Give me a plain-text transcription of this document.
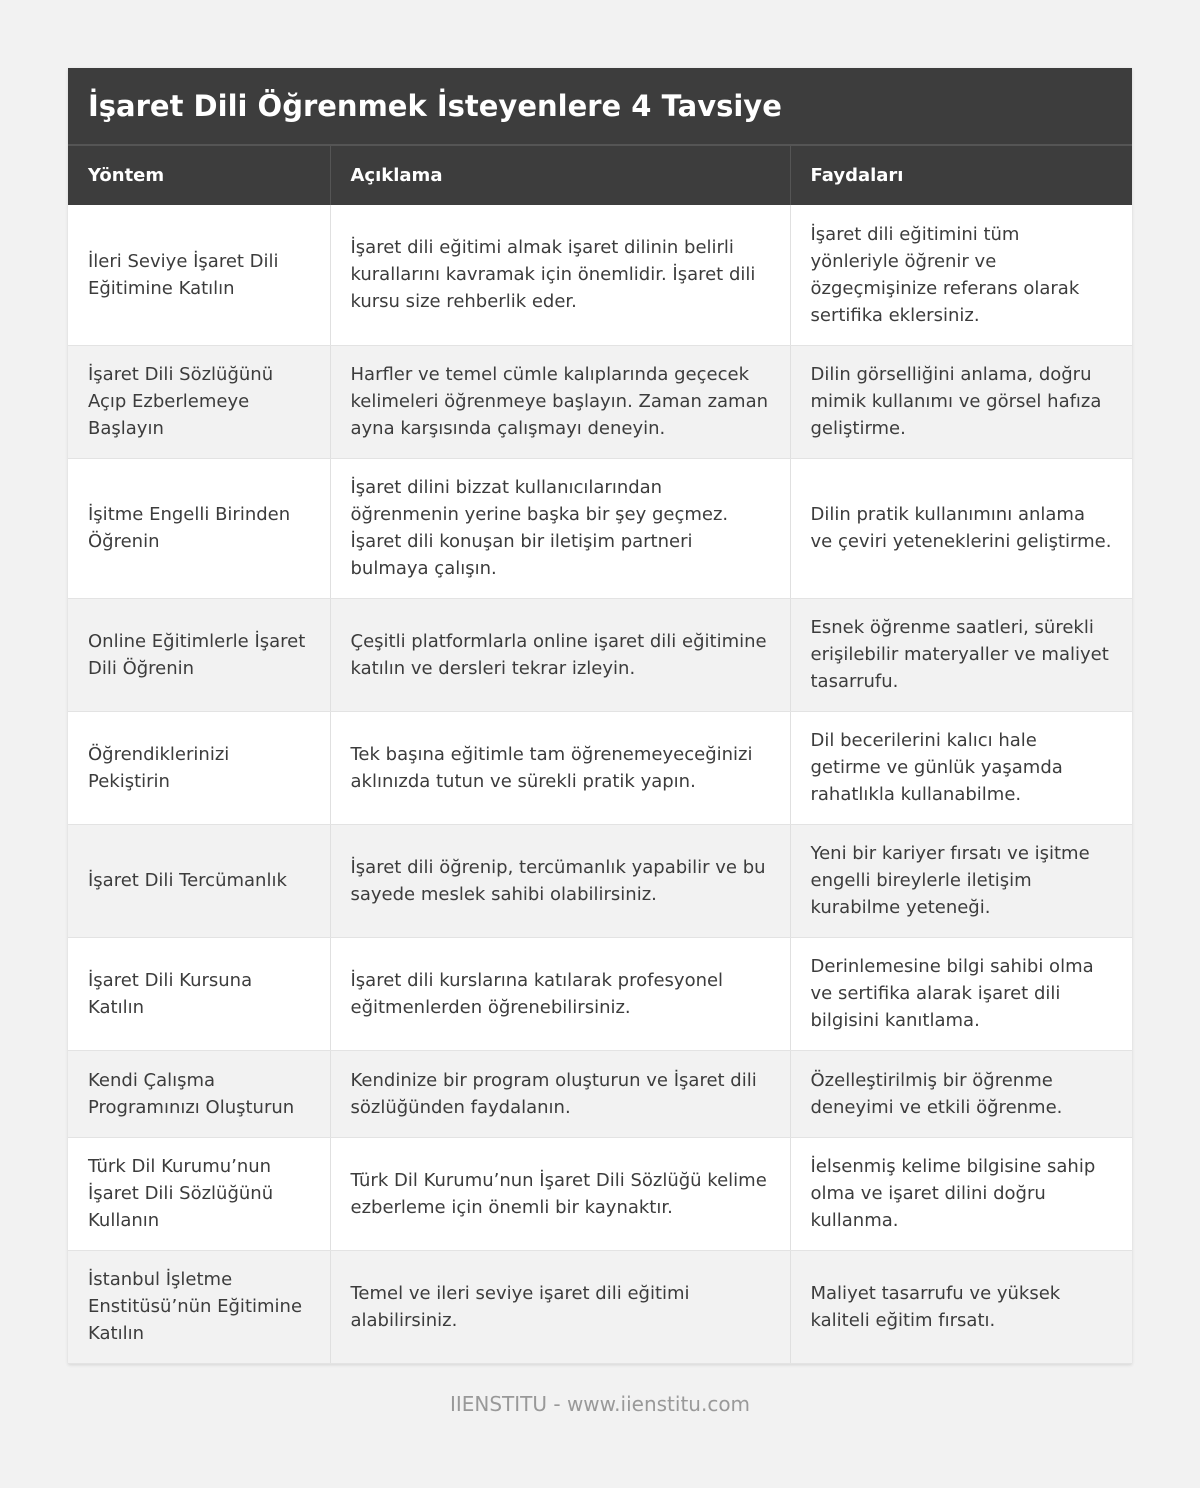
İşaret Dili Öğrenmek İsteyenlere 4 Tavsiye
Yöntem	Açıklama	Faydaları
İleri Seviye İşaret Dili Eğitimine Katılın	İşaret dili eğitimi almak işaret dilinin belirli kurallarını kavramak için önemlidir. İşaret dili kursu size rehberlik eder.	İşaret dili eğitimini tüm yönleriyle öğrenir ve özgeçmişinize referans olarak sertifika eklersiniz.
İşaret Dili Sözlüğünü Açıp Ezberlemeye Başlayın	Harfler ve temel cümle kalıplarında geçecek kelimeleri öğrenmeye başlayın. Zaman zaman ayna karşısında çalışmayı deneyin.	Dilin görselliğini anlama, doğru mimik kullanımı ve görsel hafıza geliştirme.
İşitme Engelli Birinden Öğrenin	İşaret dilini bizzat kullanıcılarından öğrenmenin yerine başka bir şey geçmez. İşaret dili konuşan bir iletişim partneri bulmaya çalışın.	Dilin pratik kullanımını anlama ve çeviri yeteneklerini geliştirme.
Online Eğitimlerle İşaret Dili Öğrenin	Çeşitli platformlarla online işaret dili eğitimine katılın ve dersleri tekrar izleyin.	Esnek öğrenme saatleri, sürekli erişilebilir materyaller ve maliyet tasarrufu.
Öğrendiklerinizi Pekiştirin	Tek başına eğitimle tam öğrenemeyeceğinizi aklınızda tutun ve sürekli pratik yapın.	Dil becerilerini kalıcı hale getirme ve günlük yaşamda rahatlıkla kullanabilme.
İşaret Dili Tercümanlık	İşaret dili öğrenip, tercümanlık yapabilir ve bu sayede meslek sahibi olabilirsiniz.	Yeni bir kariyer fırsatı ve işitme engelli bireylerle iletişim kurabilme yeteneği.
İşaret Dili Kursuna Katılın	İşaret dili kurslarına katılarak profesyonel eğitmenlerden öğrenebilirsiniz.	Derinlemesine bilgi sahibi olma ve sertifika alarak işaret dili bilgisini kanıtlama.
Kendi Çalışma Programınızı Oluşturun	Kendinize bir program oluşturun ve İşaret dili sözlüğünden faydalanın.	Özelleştirilmiş bir öğrenme deneyimi ve etkili öğrenme.
Türk Dil Kurumu’nun İşaret Dili Sözlüğünü Kullanın	Türk Dil Kurumu’nun İşaret Dili Sözlüğü kelime ezberleme için önemli bir kaynaktır.	İelsenmiş kelime bilgisine sahip olma ve işaret dilini doğru kullanma.
İstanbul İşletme Enstitüsü’nün Eğitimine Katılın	Temel ve ileri seviye işaret dili eğitimi alabilirsiniz.	Maliyet tasarrufu ve yüksek kaliteli eğitim fırsatı.
IIENSTITU - www.iienstitu.com
